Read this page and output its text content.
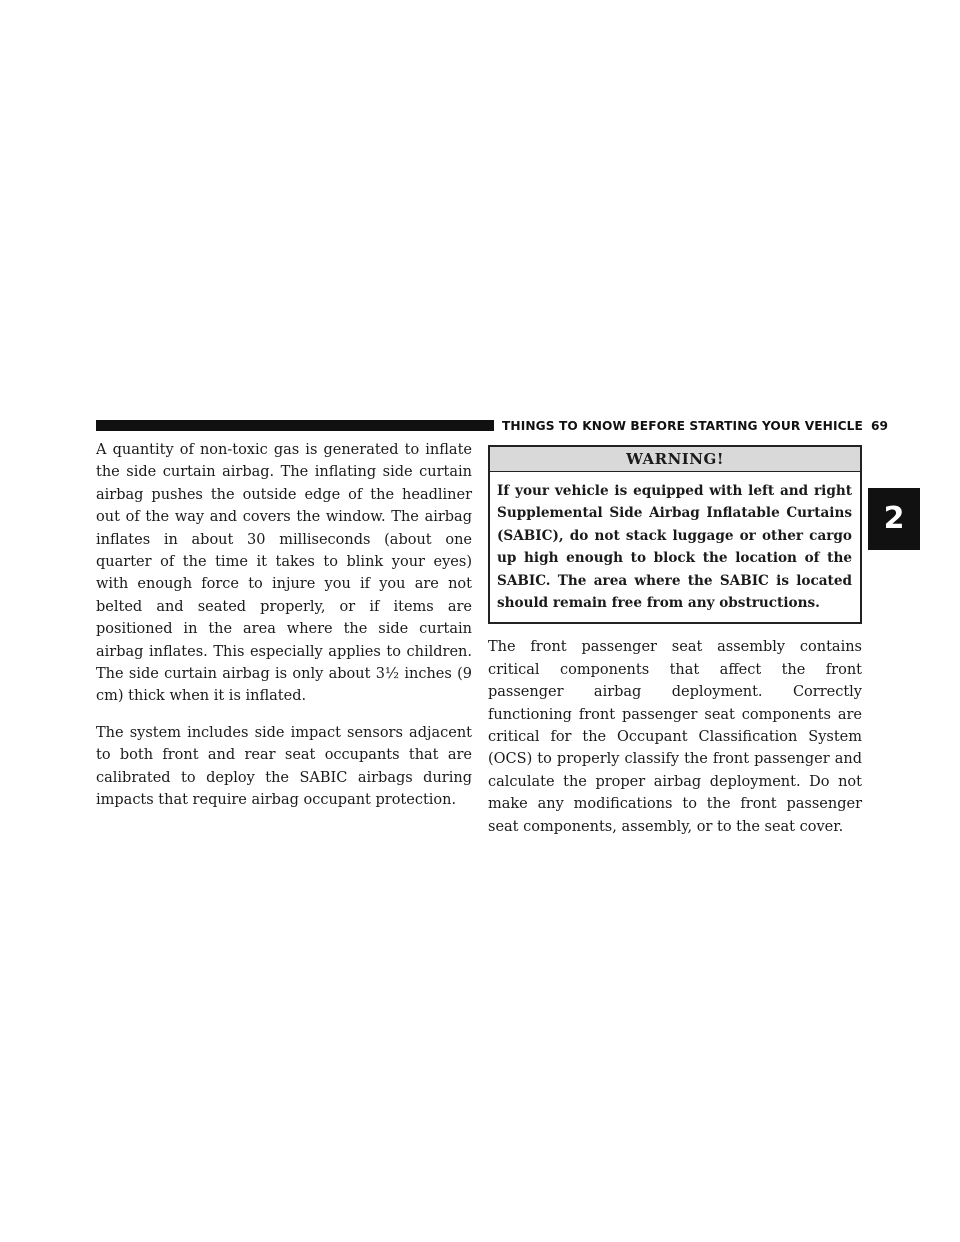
THINGS TO KNOW BEFORE STARTING YOUR VEHICLE 69
2

A quantity of non-toxic gas is generated to inflate the side curtain airbag. The inflating side curtain airbag pushes the outside edge of the headliner out of the way and covers the window. The airbag inflates in about 30 milliseconds (about one quarter of the time it takes to blink your eyes) with enough force to injure you if you are not belted and seated properly, or if items are positioned in the area where the side curtain airbag inflates. This especially applies to children. The side curtain airbag is only about 3½ inches (9 cm) thick when it is inflated.

The system includes side impact sensors adjacent to both front and rear seat occupants that are calibrated to deploy the SABIC airbags during impacts that require airbag occupant protection.

WARNING!
If your vehicle is equipped with left and right Supplemental Side Airbag Inflatable Curtains (SABIC), do not stack luggage or other cargo up high enough to block the location of the SABIC. The area where the SABIC is located should remain free from any obstructions.

The front passenger seat assembly contains critical components that affect the front passenger airbag deployment. Correctly functioning front passenger seat components are critical for the Occupant Classification System (OCS) to properly classify the front passenger and calculate the proper airbag deployment. Do not make any modifications to the front passenger seat components, assembly, or to the seat cover.
